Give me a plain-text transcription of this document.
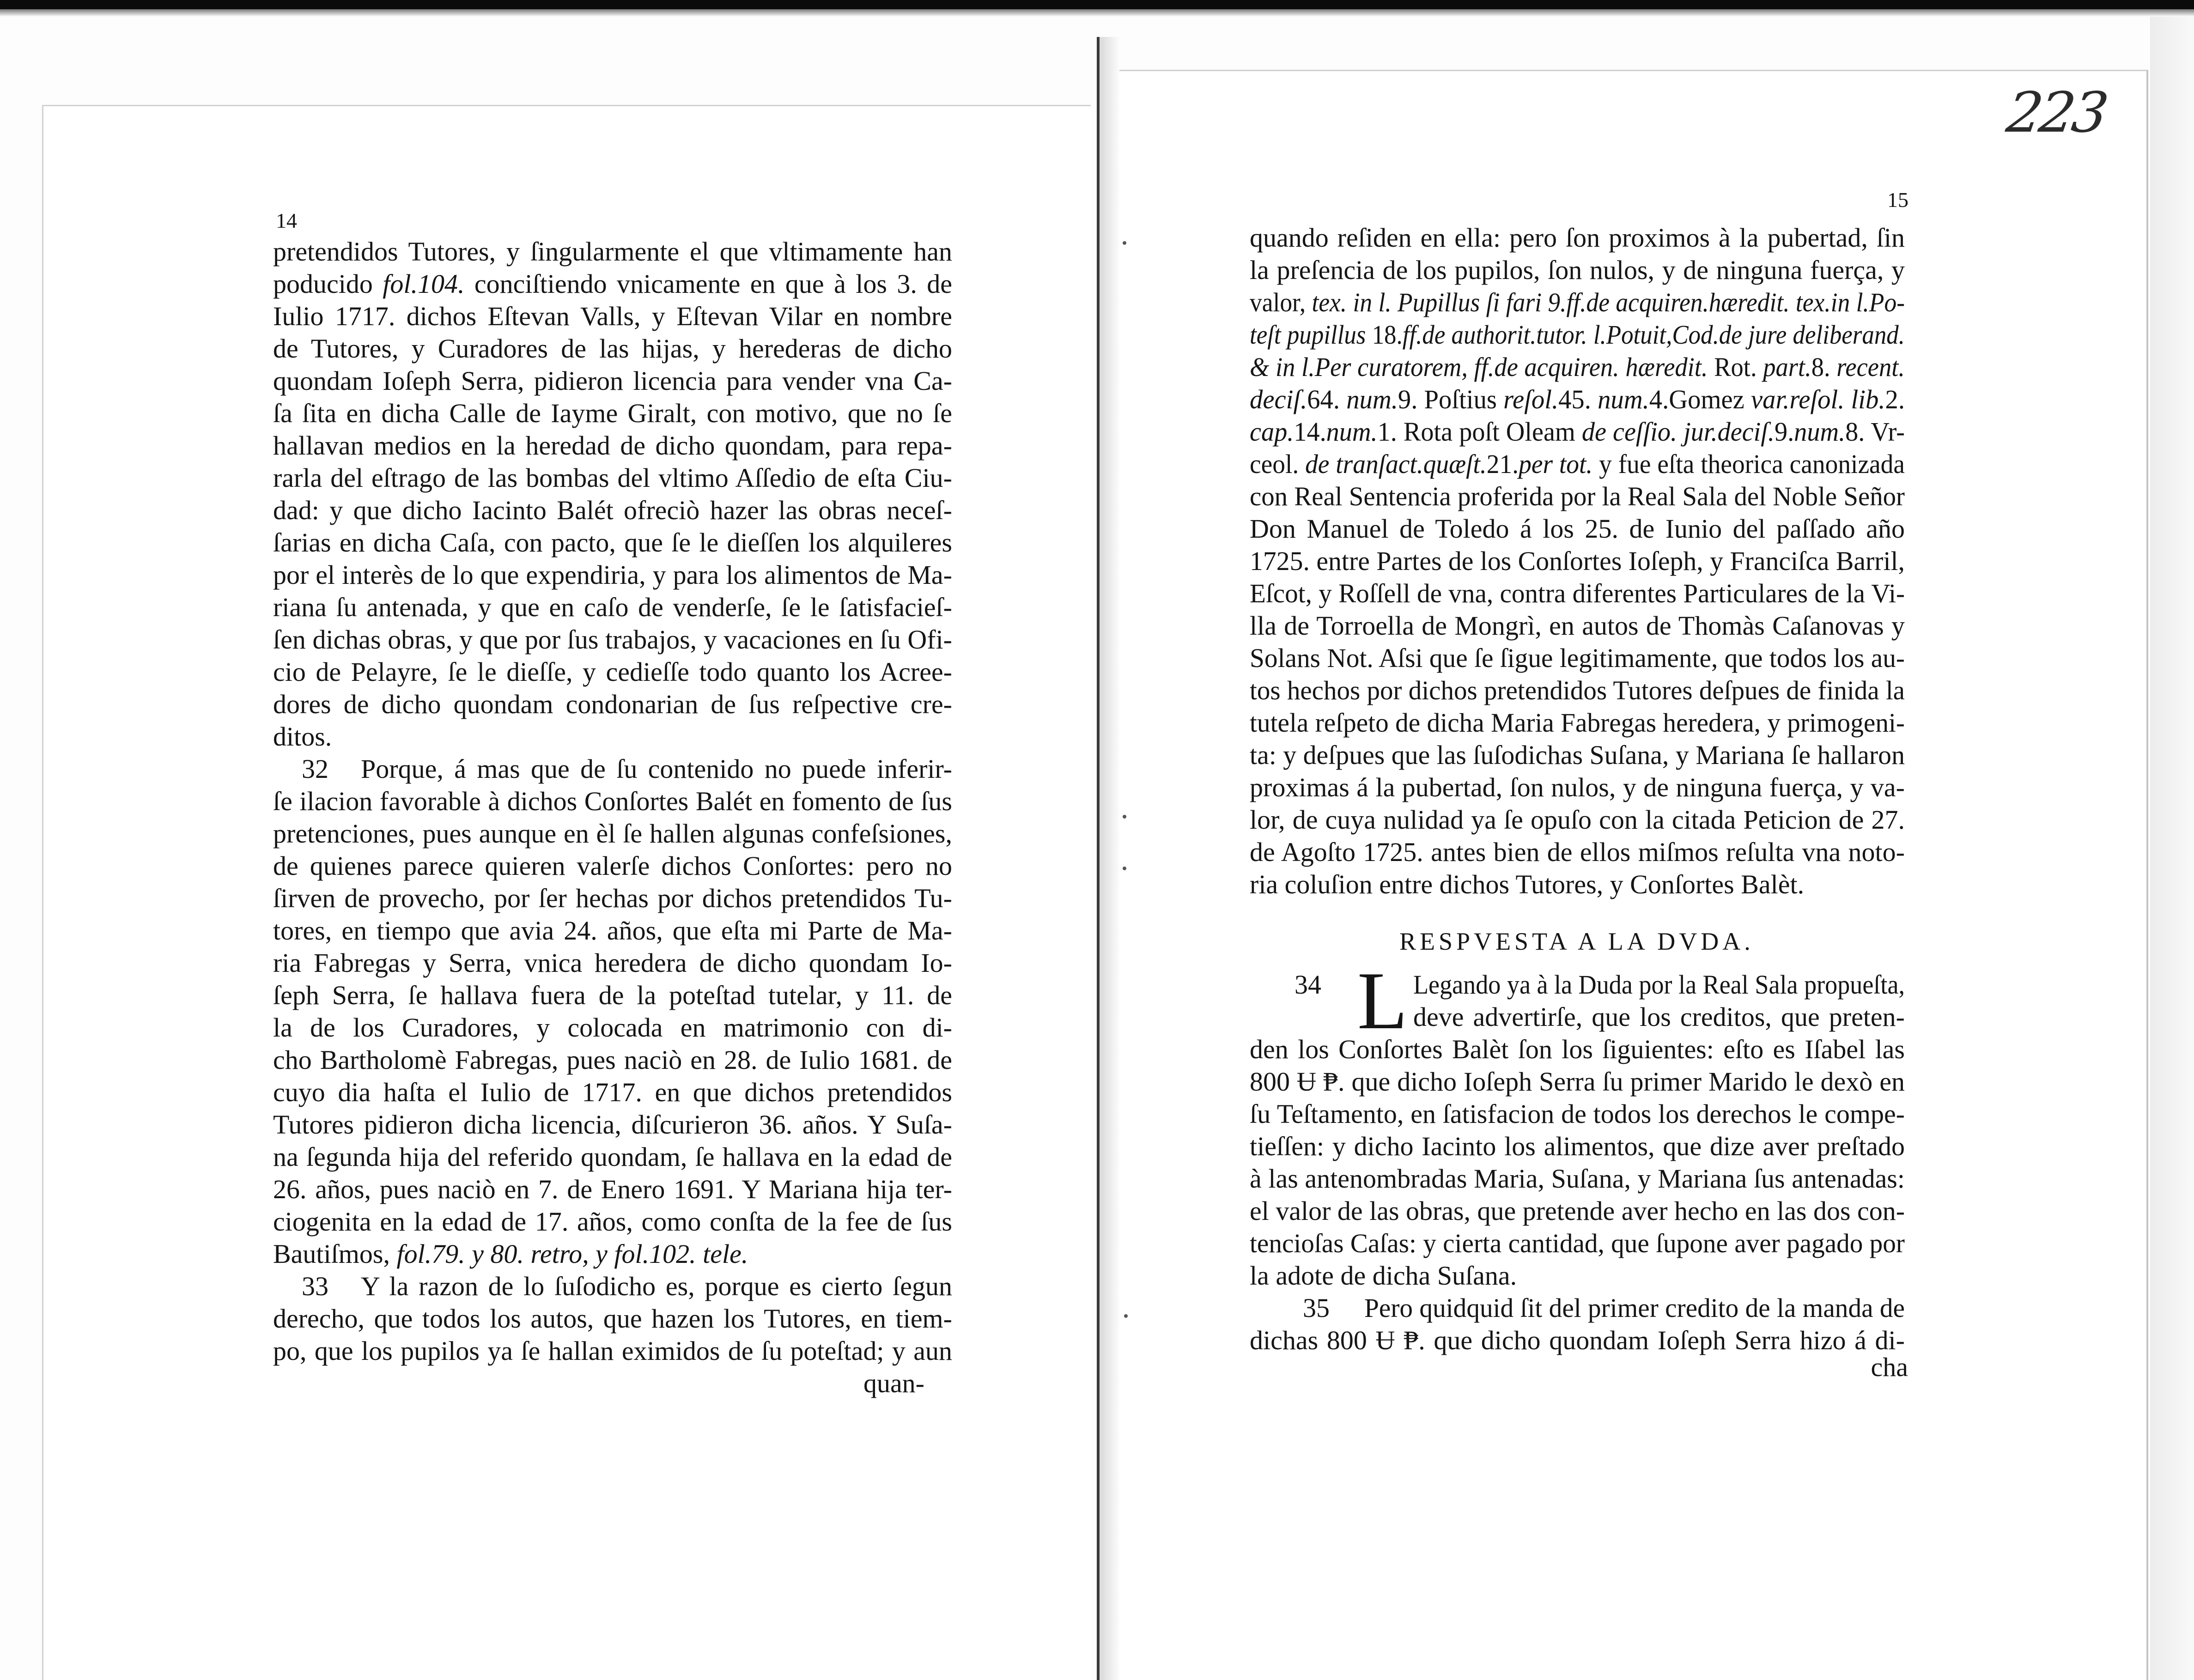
223
14
15
pretendidos Tutores, y ſingularmente el que vltimamente han
poducido fol.104. conciſtiendo vnicamente en que à los 3. de
Iulio 1717. dichos Eſtevan Valls, y Eſtevan Vilar en nombre
de Tutores, y Curadores de las hijas, y herederas de dicho
quondam Ioſeph Serra, pidieron licencia para vender vna Ca-
ſa ſita en dicha Calle de Iayme Giralt, con motivo, que no ſe
hallavan medios en la heredad de dicho quondam, para repa-
rarla del eſtrago de las bombas del vltimo Aſſedio de eſta Ciu-
dad: y que dicho Iacinto Balét ofreciò hazer las obras neceſ-
ſarias en dicha Caſa, con pacto, que ſe le dieſſen los alquileres
por el interès de lo que expendiria, y para los alimentos de Ma-
riana ſu antenada, y que en caſo de venderſe, ſe le ſatisfacieſ-
ſen dichas obras, y que por ſus trabajos, y vacaciones en ſu Ofi-
cio de Pelayre, ſe le dieſſe, y cedieſſe todo quanto los Acree-
dores de dicho quondam condonarian de ſus reſpective cre-
ditos.
32 Porque, á mas que de ſu contenido no puede inferir-
ſe ilacion favorable à dichos Conſortes Balét en fomento de ſus
pretenciones, pues aunque en èl ſe hallen algunas confeſsiones,
de quienes parece quieren valerſe dichos Conſortes: pero no
ſirven de provecho, por ſer hechas por dichos pretendidos Tu-
tores, en tiempo que avia 24. años, que eſta mi Parte de Ma-
ria Fabregas y Serra, vnica heredera de dicho quondam Io-
ſeph Serra, ſe hallava fuera de la poteſtad tutelar, y 11. de
la de los Curadores, y colocada en matrimonio con di-
cho Bartholomè Fabregas, pues naciò en 28. de Iulio 1681. de
cuyo dia haſta el Iulio de 1717. en que dichos pretendidos
Tutores pidieron dicha licencia, diſcurieron 36. años. Y Suſa-
na ſegunda hija del referido quondam, ſe hallava en la edad de
26. años, pues naciò en 7. de Enero 1691. Y Mariana hija ter-
ciogenita en la edad de 17. años, como conſta de la fee de ſus
Bautiſmos, fol.79. y 80. retro, y fol.102. tele.
33 Y la razon de lo ſuſodicho es, porque es cierto ſegun
derecho, que todos los autos, que hazen los Tutores, en tiem-
po, que los pupilos ya ſe hallan eximidos de ſu poteſtad; y aun
quando reſiden en ella: pero ſon proximos à la pubertad, ſin
la preſencia de los pupilos, ſon nulos, y de ninguna fuerça, y
valor, tex. in l. Pupillus ſi fari 9.ff.de acquiren.hæredit. tex.in l.Po-
teſt pupillus 18.ff.de authorit.tutor. l.Potuit,Cod.de jure deliberand.
& in l.Per curatorem, ff.de acquiren. hæredit. Rot. part.8. recent.
deciſ.64. num.9. Poſtius reſol.45. num.4.Gomez var.reſol. lib.2.
cap.14.num.1. Rota poſt Oleam de ceſſio. jur.deciſ.9.num.8. Vr-
ceol. de tranſact.quæſt.21.per tot. y fue eſta theorica canonizada
con Real Sentencia proferida por la Real Sala del Noble Señor
Don Manuel de Toledo á los 25. de Iunio del paſſado año
1725. entre Partes de los Conſortes Ioſeph, y Franciſca Barril,
Eſcot, y Roſſell de vna, contra diferentes Particulares de la Vi-
lla de Torroella de Mongrì, en autos de Thomàs Caſanovas y
Solans Not. Aſsi que ſe ſigue legitimamente, que todos los au-
tos hechos por dichos pretendidos Tutores deſpues de finida la
tutela reſpeto de dicha Maria Fabregas heredera, y primogeni-
ta: y deſpues que las ſuſodichas Suſana, y Mariana ſe hallaron
proximas á la pubertad, ſon nulos, y de ninguna fuerça, y va-
lor, de cuya nulidad ya ſe opuſo con la citada Peticion de 27.
de Agoſto 1725. antes bien de ellos miſmos reſulta vna noto-
ria coluſion entre dichos Tutores, y Conſortes Balèt.
RESPVESTA A LA DVDA.
L
34	Legando ya à la Duda por la Real Sala propueſta,
deve advertirſe, que los creditos, que preten-
den los Conſortes Balèt ſon los ſiguientes: eſto es Iſabel las
800 Ʉ ₱. que dicho Ioſeph Serra ſu primer Marido le dexò en
ſu Teſtamento, en ſatisfacion de todos los derechos le compe-
tieſſen: y dicho Iacinto los alimentos, que dize aver preſtado
à las antenombradas Maria, Suſana, y Mariana ſus antenadas:
el valor de las obras, que pretende aver hecho en las dos con-
tencioſas Caſas: y cierta cantidad, que ſupone aver pagado por
la adote de dicha Suſana.
35 Pero quidquid ſit del primer credito de la manda de
dichas 800 Ʉ ₱. que dicho quondam Ioſeph Serra hizo á di-
quan-
cha
